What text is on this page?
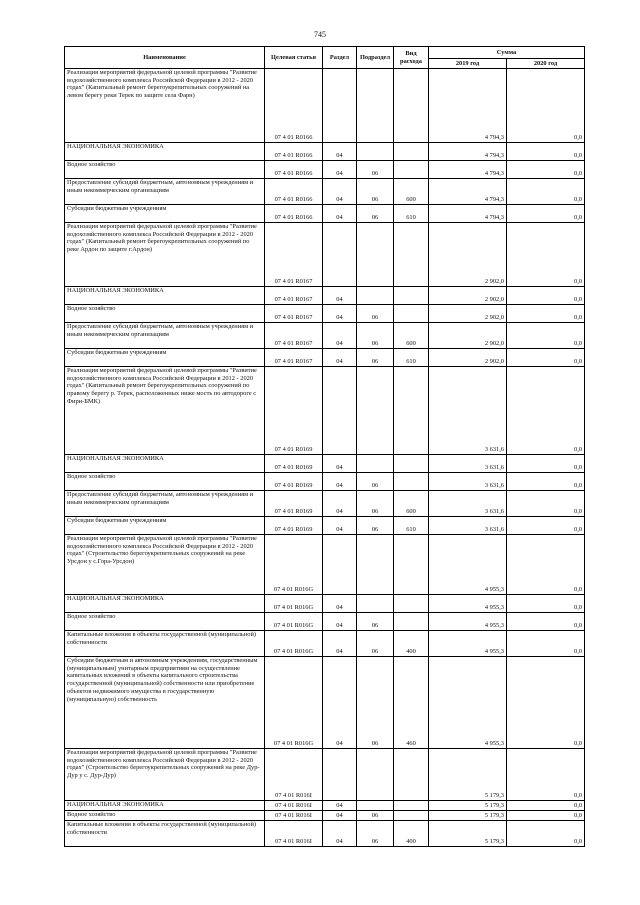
745
Наименование	Целевая статья	Раздел	Подраздел	Вид расхода	Сумма	
					2019 год	2020 год
Реализация мероприятий федеральной целевой программы "Развитие водохозяйственного комплекса Российской Федерации в 2012 - 2020 годах" (Капитальный ремонт берегоукрепительных сооружений на левом берегу реки Терек по защите села Фарн)	07 4 01 R0166				4 794,3	0,0
НАЦИОНАЛЬНАЯ ЭКОНОМИКА	07 4 01 R0166	04			4 794,3	0,0
Водное хозяйство	07 4 01 R0166	04	06		4 794,3	0,0
Предоставление субсидий бюджетным, автономным учреждениям и иным некоммерческим организациям	07 4 01 R0166	04	06	600	4 794,3	0,0
Субсидии бюджетным учреждениям	07 4 01 R0166	04	06	610	4 794,3	0,0
Реализация мероприятий федеральной целевой программы "Развитие водохозяйственного комплекса Российской Федерации в 2012 - 2020 годах" (Капитальный ремонт берегоукрепительных сооружений по реке Ардон по защите г.Ардон)	07 4 01 R0167				2 902,0	0,0
НАЦИОНАЛЬНАЯ ЭКОНОМИКА	07 4 01 R0167	04			2 902,0	0,0
Водное хозяйство	07 4 01 R0167	04	06		2 902,0	0,0
Предоставление субсидий бюджетным, автономным учреждениям и иным некоммерческим организациям	07 4 01 R0167	04	06	600	2 902,0	0,0
Субсидии бюджетным учреждениям	07 4 01 R0167	04	06	610	2 902,0	0,0
Реализация мероприятий федеральной целевой программы "Развитие водохозяйственного комплекса Российской Федерации в 2012 - 2020 годах" (Капитальный ремонт берегоукрепительных сооружений по правому берегу р. Терек, расположенных ниже мость по автодороге с Фири-БМК)	07 4 01 R0169				3 631,6	0,0
НАЦИОНАЛЬНАЯ ЭКОНОМИКА	07 4 01 R0169	04			3 631,6	0,0
Водное хозяйство	07 4 01 R0169	04	06		3 631,6	0,0
Предоставление субсидий бюджетным, автономным учреждениям и иным некоммерческим организациям	07 4 01 R0169	04	06	600	3 631,6	0,0
Субсидии бюджетным учреждениям	07 4 01 R0169	04	06	610	3 631,6	0,0
Реализация мероприятий федеральной целевой программы "Развитие водохозяйственного комплекса Российской Федерации в 2012 - 2020 годах" (Строительство берегоукрепительных сооружений на реке Урсдон у с.Гора-Урсдон)	07 4 01 R016G				4 955,3	0,0
НАЦИОНАЛЬНАЯ ЭКОНОМИКА	07 4 01 R016G	04			4 955,3	0,0
Водное хозяйство	07 4 01 R016G	04	06		4 955,3	0,0
Капитальные вложения в объекты государственной (муниципальной) собственности	07 4 01 R016G	04	06	400	4 955,3	0,0
Субсидии бюджетным и автономным учреждениям, государственным (муниципальным) унитарным предприятиям на осуществление капитальных вложений в объекты капитального строительства государственной (муниципальной) собственности или приобретение объектов недвижимого имущества в государственную (муниципальную) собственность	07 4 01 R016G	04	06	460	4 955,3	0,0
Реализация мероприятий федеральной целевой программы "Развитие водохозяйственного комплекса Российской Федерации в 2012 - 2020 годах" (Строительство берегоукрепительных сооружений на реке Дур-Дур у с. Дур-Дур)	07 4 01 R016I				5 179,3	0,0
НАЦИОНАЛЬНАЯ ЭКОНОМИКА	07 4 01 R016I	04			5 179,3	0,0
Водное хозяйство	07 4 01 R016I	04	06		5 179,3	0,0
Капитальные вложения в объекты государственной (муниципальной) собственности	07 4 01 R016I	04	06	400	5 179,3	0,0
